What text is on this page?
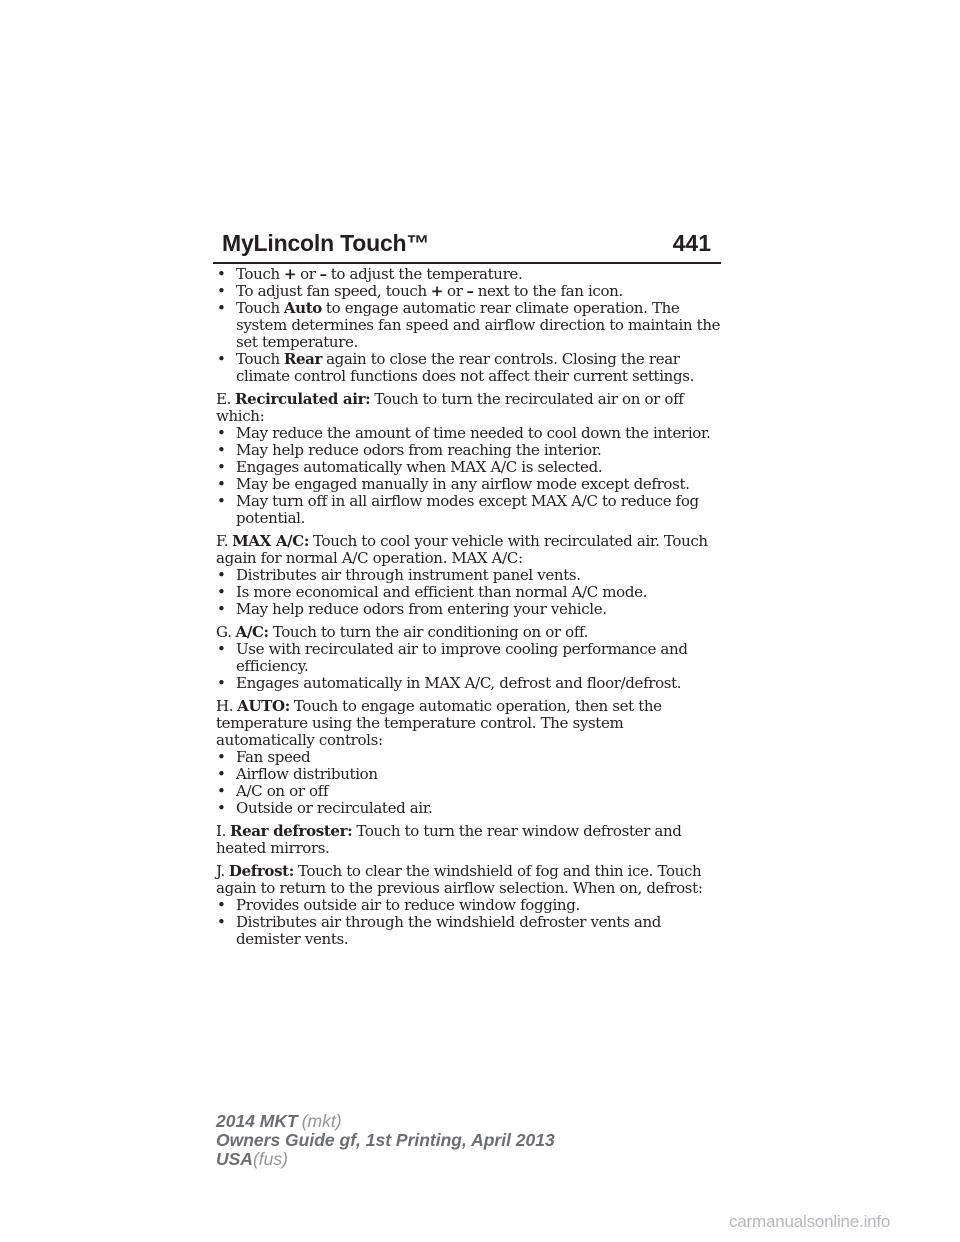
MyLincoln Touch™	441
• Touch + or – to adjust the temperature.
• To adjust fan speed, touch + or – next to the fan icon.
• Touch Auto to engage automatic rear climate operation. The system determines fan speed and airflow direction to maintain the set temperature.
• Touch Rear again to close the rear controls. Closing the rear climate control functions does not affect their current settings.
E. Recirculated air: Touch to turn the recirculated air on or off which:
• May reduce the amount of time needed to cool down the interior.
• May help reduce odors from reaching the interior.
• Engages automatically when MAX A/C is selected.
• May be engaged manually in any airflow mode except defrost.
• May turn off in all airflow modes except MAX A/C to reduce fog potential.
F. MAX A/C: Touch to cool your vehicle with recirculated air. Touch again for normal A/C operation. MAX A/C:
• Distributes air through instrument panel vents.
• Is more economical and efficient than normal A/C mode.
• May help reduce odors from entering your vehicle.
G. A/C: Touch to turn the air conditioning on or off.
• Use with recirculated air to improve cooling performance and efficiency.
• Engages automatically in MAX A/C, defrost and floor/defrost.
H. AUTO: Touch to engage automatic operation, then set the temperature using the temperature control. The system automatically controls:
• Fan speed
• Airflow distribution
• A/C on or off
• Outside or recirculated air.
I. Rear defroster: Touch to turn the rear window defroster and heated mirrors.
J. Defrost: Touch to clear the windshield of fog and thin ice. Touch again to return to the previous airflow selection. When on, defrost:
• Provides outside air to reduce window fogging.
• Distributes air through the windshield defroster vents and demister vents.
2014 MKT (mkt)
Owners Guide gf, 1st Printing, April 2013
USA(fus)
carmanualsonline.info
